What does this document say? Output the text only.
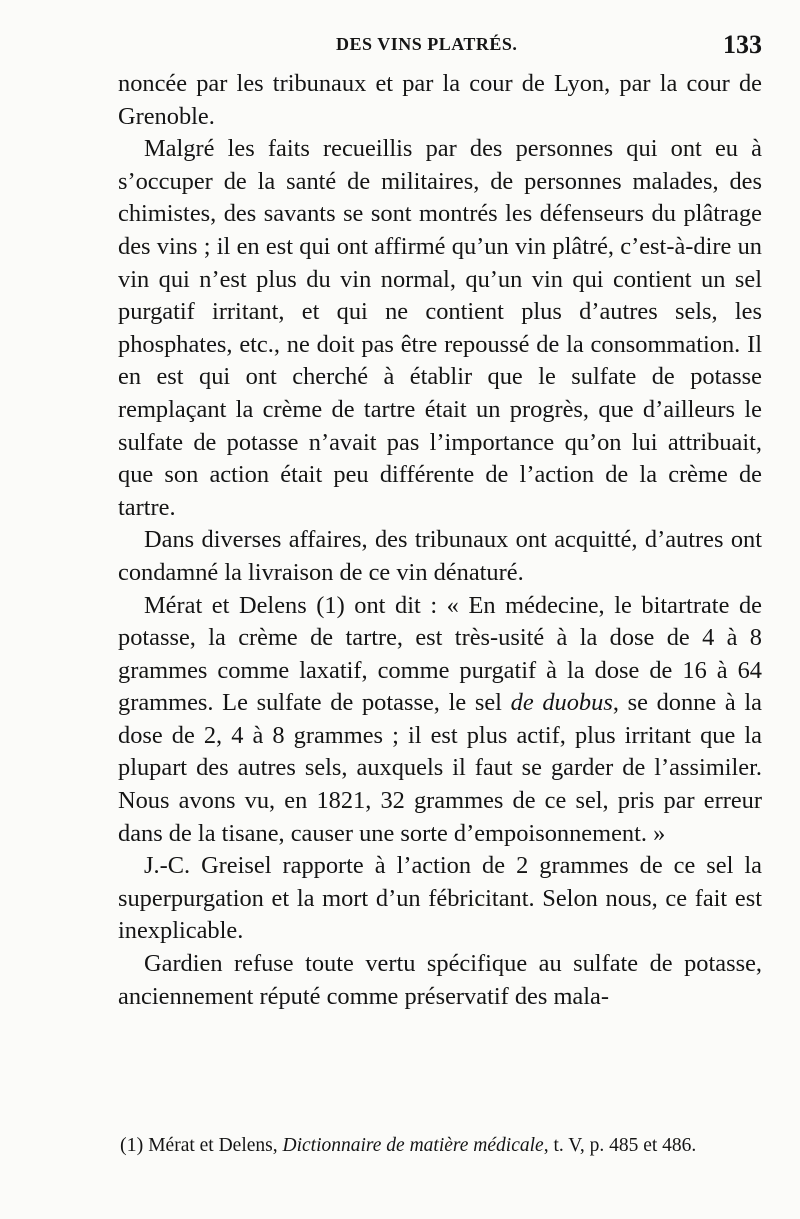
DES VINS PLATRÉS.	133

noncée par les tribunaux et par la cour de Lyon, par la cour de Grenoble.

Malgré les faits recueillis par des personnes qui ont eu à s’occuper de la santé de militaires, de personnes malades, des chimistes, des savants se sont montrés les défenseurs du plâtrage des vins ; il en est qui ont affirmé qu’un vin plâtré, c’est-à-dire un vin qui n’est plus du vin normal, qu’un vin qui contient un sel purgatif irritant, et qui ne contient plus d’autres sels, les phosphates, etc., ne doit pas être repoussé de la consommation. Il en est qui ont cherché à établir que le sulfate de potasse remplaçant la crème de tartre était un progrès, que d’ailleurs le sulfate de potasse n’avait pas l’importance qu’on lui attribuait, que son action était peu différente de l’action de la crème de tartre.

Dans diverses affaires, des tribunaux ont acquitté, d’autres ont condamné la livraison de ce vin dénaturé.

Mérat et Delens (1) ont dit : « En médecine, le bitartrate de potasse, la crème de tartre, est très-usité à la dose de 4 à 8 grammes comme laxatif, comme purgatif à la dose de 16 à 64 grammes. Le sulfate de potasse, le sel de duobus, se donne à la dose de 2, 4 à 8 grammes ; il est plus actif, plus irritant que la plupart des autres sels, auxquels il faut se garder de l’assimiler. Nous avons vu, en 1821, 32 grammes de ce sel, pris par erreur dans de la tisane, causer une sorte d’empoisonnement. »

J.-C. Greisel rapporte à l’action de 2 grammes de ce sel la superpurgation et la mort d’un fébricitant. Selon nous, ce fait est inexplicable.

Gardien refuse toute vertu spécifique au sulfate de potasse, anciennement réputé comme préservatif des mala-

(1) Mérat et Delens, Dictionnaire de matière médicale, t. V, p. 485 et 486.
